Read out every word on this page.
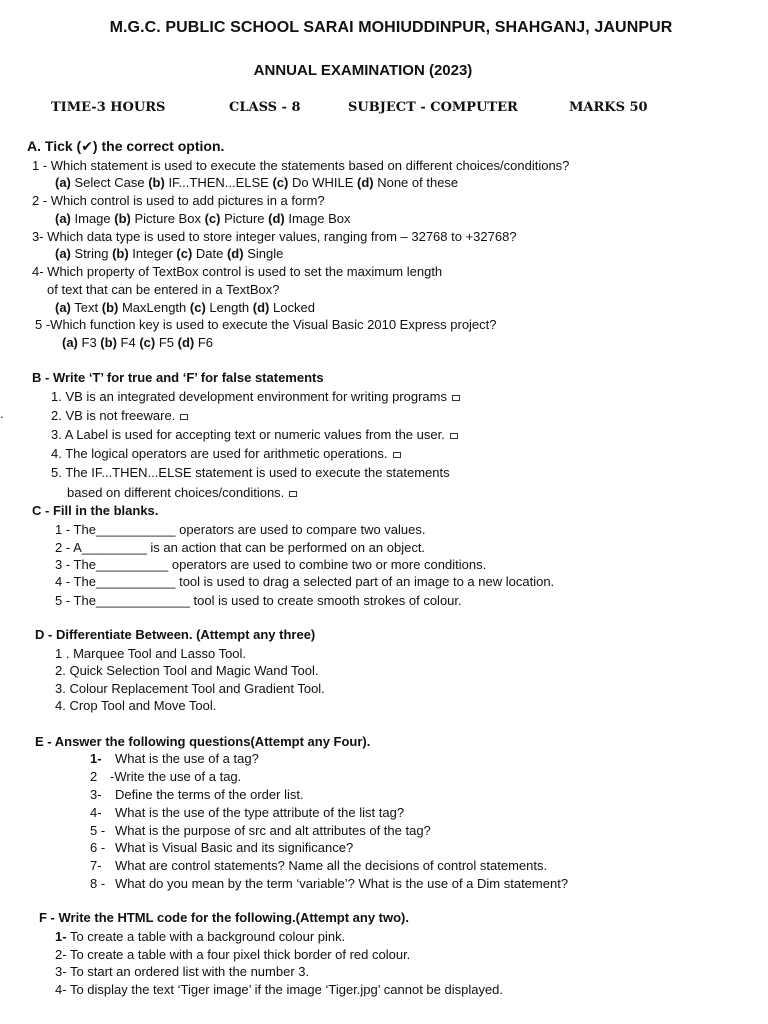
M.G.C. PUBLIC SCHOOL SARAI MOHIUDDINPUR, SHAHGANJ, JAUNPUR
ANNUAL EXAMINATION (2023)
TIME-3 HOURS	CLASS - 8	SUBJECT - COMPUTER	MARKS 50
A. Tick (✔) the correct option.
1 - Which statement is used to execute the statements based on different choices/conditions?
(a) Select Case (b) IF...THEN...ELSE (c) Do WHILE (d) None of these
2 - Which control is used to add pictures in a form?
(a) Image (b) Picture Box (c) Picture (d) Image Box
3- Which data type is used to store integer values, ranging from – 32768 to +32768?
(a) String (b) Integer (c) Date (d) Single
4- Which property of TextBox control is used to set the maximum length
of text that can be entered in a TextBox?
(a) Text (b) MaxLength (c) Length (d) Locked
5 -Which function key is used to execute the Visual Basic 2010 Express project?
(a) F3 (b) F4 (c) F5 (d) F6
B - Write ‘T’ for true and ‘F’ for false statements
1. VB is an integrated development environment for writing programs
.	2. VB is not freeware.
3. A Label is used for accepting text or numeric values from the user.
4. The logical operators are used for arithmetic operations.
5. The IF...THEN...ELSE statement is used to execute the statements
based on different choices/conditions.
C - Fill in the blanks.
1 - The___________ operators are used to compare two values.
2 - A_________ is an action that can be performed on an object.
3 - The__________ operators are used to combine two or more conditions.
4 - The___________ tool is used to drag a selected part of an image to a new location.
5 - The_____________ tool is used to create smooth strokes of colour.
D - Differentiate Between. (Attempt any three)
1 . Marquee Tool and Lasso Tool.
2. Quick Selection Tool and Magic Wand Tool.
3. Colour Replacement Tool and Gradient Tool.
4. Crop Tool and Move Tool.
E - Answer the following questions(Attempt any Four).
1- What is the use of a tag?
2 -Write the use of a tag.
3- Define the terms of the order list.
4- What is the use of the type attribute of the list tag?
5 - What is the purpose of src and alt attributes of the tag?
6 - What is Visual Basic and its significance?
7- What are control statements? Name all the decisions of control statements.
8 - What do you mean by the term ‘variable’? What is the use of a Dim statement?
F - Write the HTML code for the following.(Attempt any two).
1- To create a table with a background colour pink.
2- To create a table with a four pixel thick border of red colour.
3- To start an ordered list with the number 3.
4- To display the text ‘Tiger image’ if the image ‘Tiger.jpg’ cannot be displayed.
